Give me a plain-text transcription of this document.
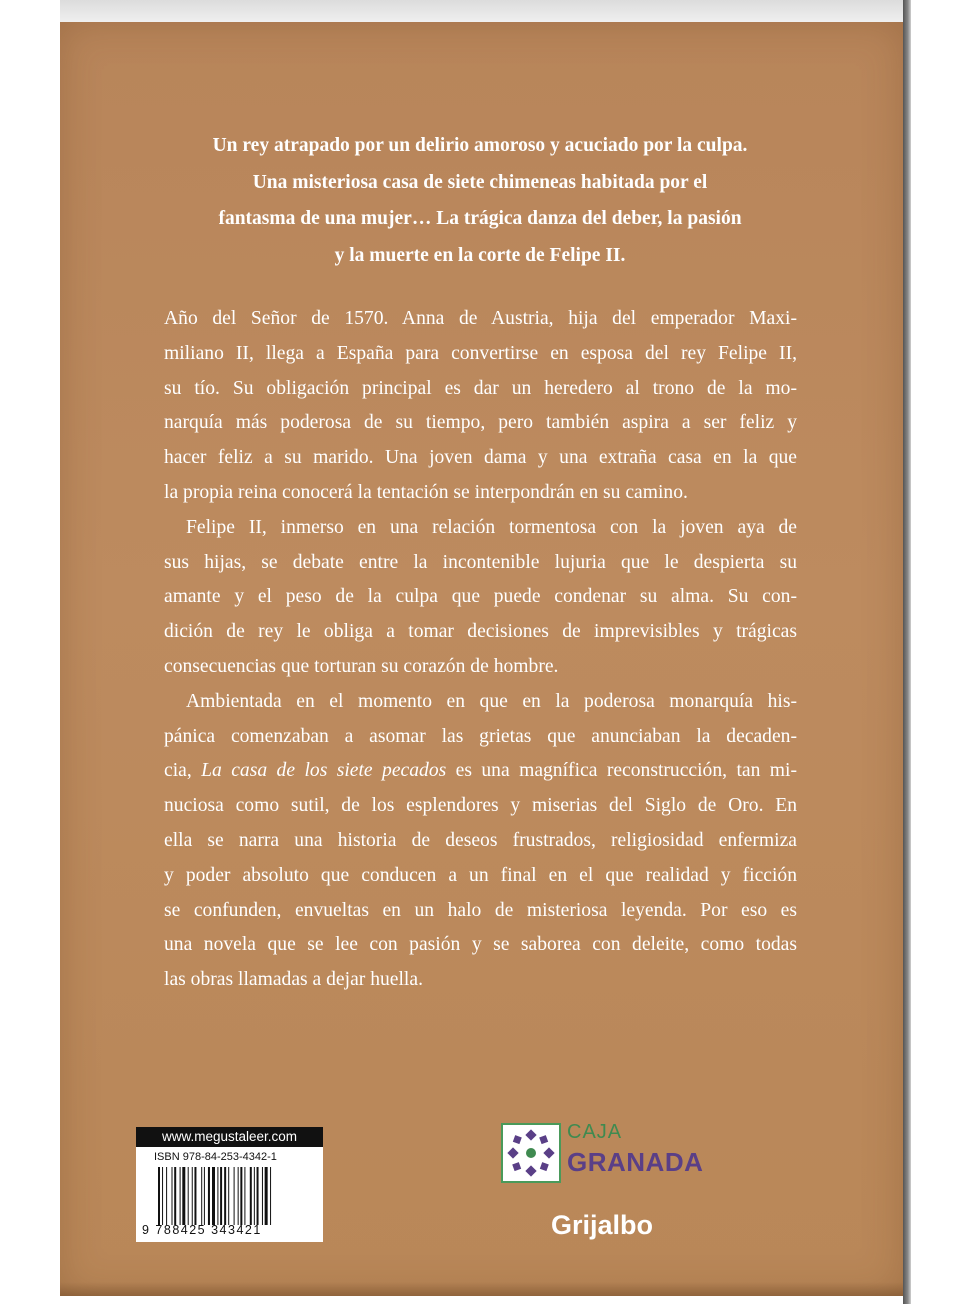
Un rey atrapado por un delirio amoroso y acuciado por la culpa.
Una misteriosa casa de siete chimeneas habitada por el
fantasma de una mujer… La trágica danza del deber, la pasión
y la muerte en la corte de Felipe II.
Año del Señor de 1570. Anna de Austria, hija del emperador Maxi-
miliano II, llega a España para convertirse en esposa del rey Felipe II,
su tío. Su obligación principal es dar un heredero al trono de la mo-
narquía más poderosa de su tiempo, pero también aspira a ser feliz y
hacer feliz a su marido. Una joven dama y una extraña casa en la que
la propia reina conocerá la tentación se interpondrán en su camino.
Felipe II, inmerso en una relación tormentosa con la joven aya de
sus hijas, se debate entre la incontenible lujuria que le despierta su
amante y el peso de la culpa que puede condenar su alma. Su con-
dición de rey le obliga a tomar decisiones de imprevisibles y trágicas
consecuencias que torturan su corazón de hombre.
Ambientada en el momento en que en la poderosa monarquía his-
pánica comenzaban a asomar las grietas que anunciaban la decaden-
cia, La casa de los siete pecados es una magnífica reconstrucción, tan mi-
nuciosa como sutil, de los esplendores y miserias del Siglo de Oro. En
ella se narra una historia de deseos frustrados, religiosidad enfermiza
y poder absoluto que conducen a un final en el que realidad y ficción
se confunden, envueltas en un halo de misteriosa leyenda. Por eso es
una novela que se lee con pasión y se saborea con deleite, como todas
las obras llamadas a dejar huella.
www.megustaleer.com
ISBN 978-84-253-4342-1
9 788425 343421
CAJA
GRANADA
Grijalbo
